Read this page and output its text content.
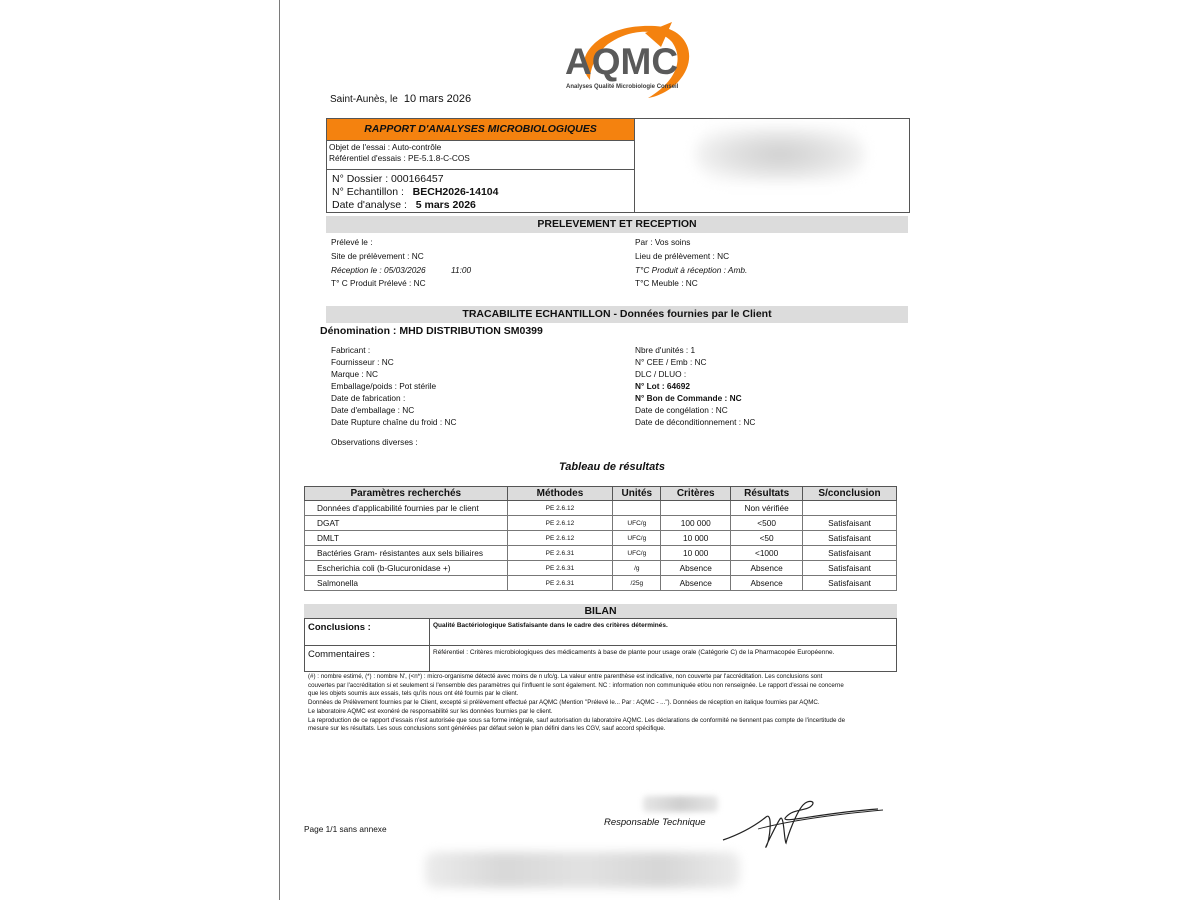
AQMC
Analyses Qualité Microbiologie Conseil
Saint-Aunès, le 10 mars 2026
RAPPORT D'ANALYSES MICROBIOLOGIQUES
Objet de l'essai : Auto-contrôle
Référentiel d'essais : PE-5.1.8-C-COS
N° Dossier : 000166457
N° Echantillon : BECH2026-14104
Date d'analyse : 5 mars 2026
PRELEVEMENT ET RECEPTION
Prélevé le :
Site de prélèvement : NC
Réception le : 05/03/2026	11:00
T° C Produit Prélevé : NC
Par : Vos soins
Lieu de prélèvement : NC
T°C Produit à réception : Amb.
T°C Meuble : NC
TRACABILITE ECHANTILLON - Données fournies par le Client
Dénomination : MHD DISTRIBUTION SM0399
Fabricant :
Fournisseur : NC
Marque : NC
Emballage/poids : Pot stérile
Date de fabrication :
Date d'emballage : NC
Date Rupture chaîne du froid : NC
Nbre d'unités : 1
N° CEE / Emb : NC
DLC / DLUO :
N° Lot : 64692
N° Bon de Commande : NC
Date de congélation : NC
Date de déconditionnement : NC
Observations diverses :
Tableau de résultats
Paramètres recherchés	Méthodes	Unités	Critères	Résultats	S/conclusion
Données d'applicabilité fournies par le client	PE 2.6.12			Non vérifiée	
DGAT	PE 2.6.12	UFC/g	100 000	<500	Satisfaisant
DMLT	PE 2.6.12	UFC/g	10 000	<50	Satisfaisant
Bactéries Gram- résistantes aux sels biliaires	PE 2.6.31	UFC/g	10 000	<1000	Satisfaisant
Escherichia coli (b-Glucuronidase +)	PE 2.6.31	/g	Absence	Absence	Satisfaisant
Salmonella	PE 2.6.31	/25g	Absence	Absence	Satisfaisant
BILAN
Conclusions :	Qualité Bactériologique Satisfaisante dans le cadre des critères déterminés.
Commentaires :	Référentiel : Critères microbiologiques des médicaments à base de plante pour usage orale (Catégorie C) de la Pharmacopée Européenne.
(#) : nombre estimé, (*) : nombre N', (<n*) : micro-organisme détecté avec moins de n ufc/g. La valeur entre parenthèse est indicative, non couverte par l'accréditation. Les conclusions sont
couvertes par l'accréditation si et seulement si l'ensemble des paramètres qui l'influent le sont également. NC : information non communiquée et/ou non renseignée. Le rapport d'essai ne concerne
que les objets soumis aux essais, tels qu'ils nous ont été fournis par le client.
Données de Prélèvement fournies par le Client, excepté si prélèvement effectué par AQMC (Mention "Prélevé le... Par : AQMC - ..."). Données de réception en italique fournies par AQMC.
Le laboratoire AQMC est exonéré de responsabilité sur les données fournies par le client.
La reproduction de ce rapport d'essais n'est autorisée que sous sa forme intégrale, sauf autorisation du laboratoire AQMC. Les déclarations de conformité ne tiennent pas compte de l'incertitude de
mesure sur les résultats. Les sous conclusions sont générées par défaut selon le plan défini dans les CGV, sauf accord spécifique.
Responsable Technique
Page 1/1 sans annexe
